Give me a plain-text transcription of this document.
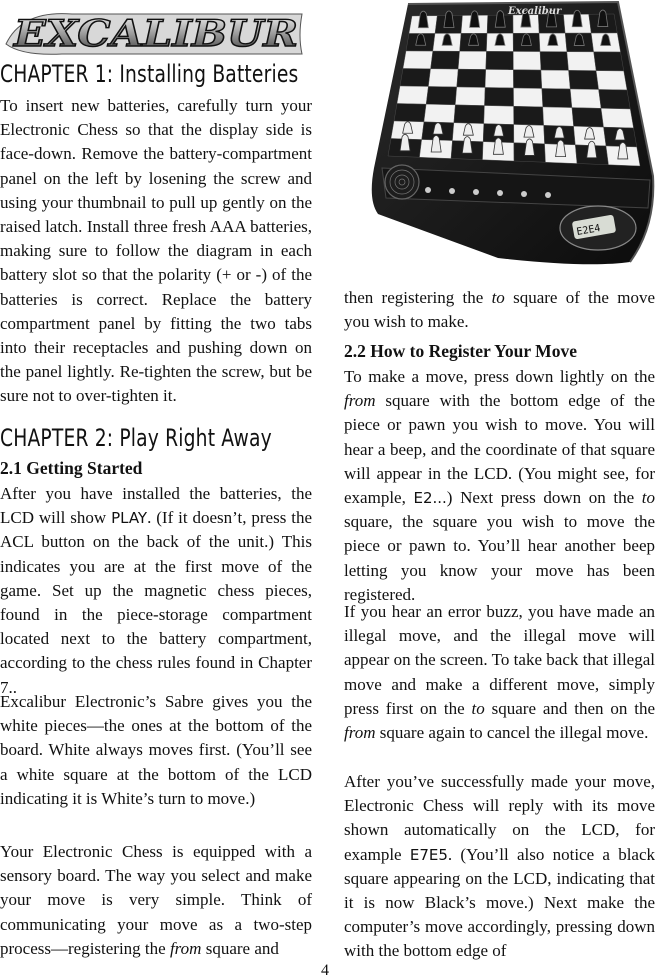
EXCALIBUR
CHAPTER 1: Installing Batteries

To insert new batteries, carefully turn your Electronic Chess so that the display side is face-down. Remove the battery-compartment panel on the left by losening the screw and using your thumbnail to pull up gently on the raised latch. Install three fresh AAA batteries, making sure to follow the diagram in each battery slot so that the polarity (+ or -) of the batteries is correct. Replace the battery compartment panel by fitting the two tabs into their receptacles and pushing down on the panel lightly. Re-tighten the screw, but be sure not to over-tighten it.

CHAPTER 2: Play Right Away
2.1 Getting Started

After you have installed the batteries, the LCD will show PLAY. (If it doesn’t, press the ACL button on the back of the unit.) This indicates you are at the first move of the game. Set up the magnetic chess pieces, found in the piece-storage compartment located next to the battery compartment, according to the chess rules found in Chapter 7..

Excalibur Electronic’s Sabre gives you the white pieces—the ones at the bottom of the board. White always moves first. (You’ll see a white square at the bottom of the LCD indicating it is White’s turn to move.)

Your Electronic Chess is equipped with a sensory board. The way you select and make your move is very simple. Think of communicating your move as a two-step process—registering the from square and

E2E4
Excalibur

then registering the to square of the move you wish to make.

2.2 How to Register Your Move

To make a move, press down lightly on the from square with the bottom edge of the piece or pawn you wish to move. You will hear a beep, and the coordinate of that square will appear in the LCD. (You might see, for example, E2...) Next press down on the to square, the square you wish to move the piece or pawn to. You’ll hear another beep letting you know your move has been registered.

If you hear an error buzz, you have made an illegal move, and the illegal move will appear on the screen. To take back that illegal move and make a different move, simply press first on the to square and then on the from square again to cancel the illegal move.

After you’ve successfully made your move, Electronic Chess will reply with its move shown automatically on the LCD, for example E7E5. (You’ll also notice a black square appearing on the LCD, indicating that it is now Black’s move.) Next make the computer’s move accordingly, pressing down with the bottom edge of

4
